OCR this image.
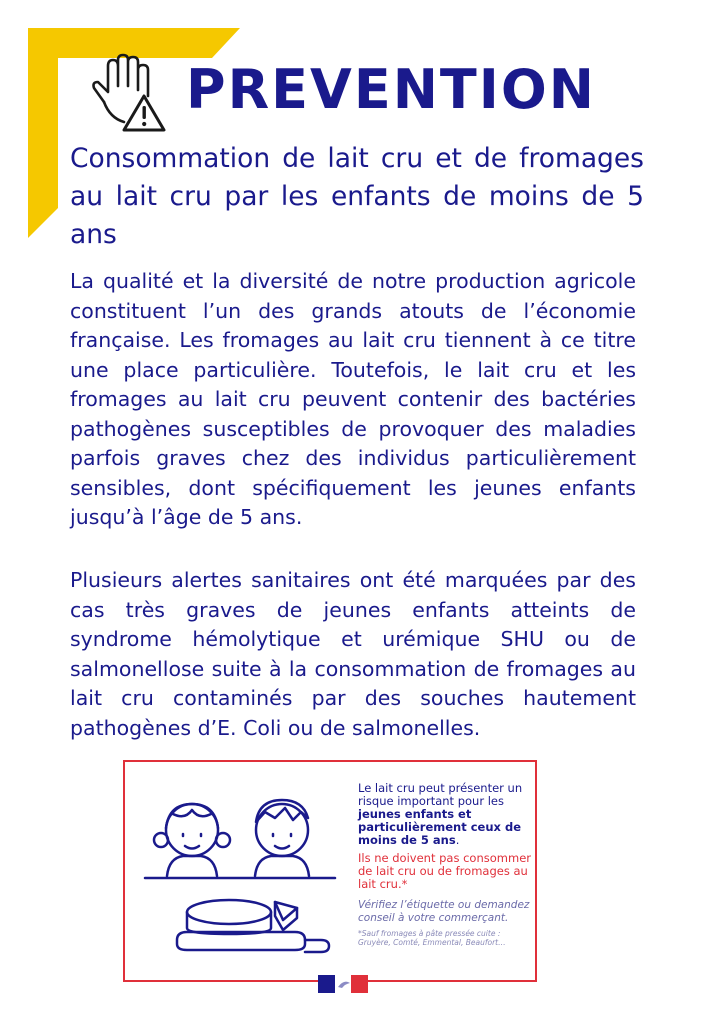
PREVENTION
Consommation de lait cru et de fromages au lait cru par les enfants de moins de 5 ans
La qualité et la diversité de notre production agricole constituent l’un des grands atouts de l’économie française. Les fromages au lait cru tiennent à ce titre une place particulière. Toutefois, le lait cru et les fromages au lait cru peuvent contenir des bactéries pathogènes susceptibles de provoquer des maladies parfois graves chez des individus particulièrement sensibles, dont spécifiquement les jeunes enfants jusqu’à l’âge de 5 ans.
Plusieurs alertes sanitaires ont été marquées par des cas très graves de jeunes enfants atteints de syndrome hémolytique et urémique SHU ou de salmonellose suite à la consommation de fromages au lait cru contaminés par des souches hautement pathogènes d’E. Coli ou de salmonelles.
Le lait cru peut présenter un risque important pour les jeunes enfants et particulièrement ceux de moins de 5 ans.
Ils ne doivent pas consommer de lait cru ou de fromages au lait cru.*
Vérifiez l’étiquette ou demandez conseil à votre commerçant.
*Sauf fromages à pâte pressée cuite : Gruyère, Comté, Emmental, Beaufort…
